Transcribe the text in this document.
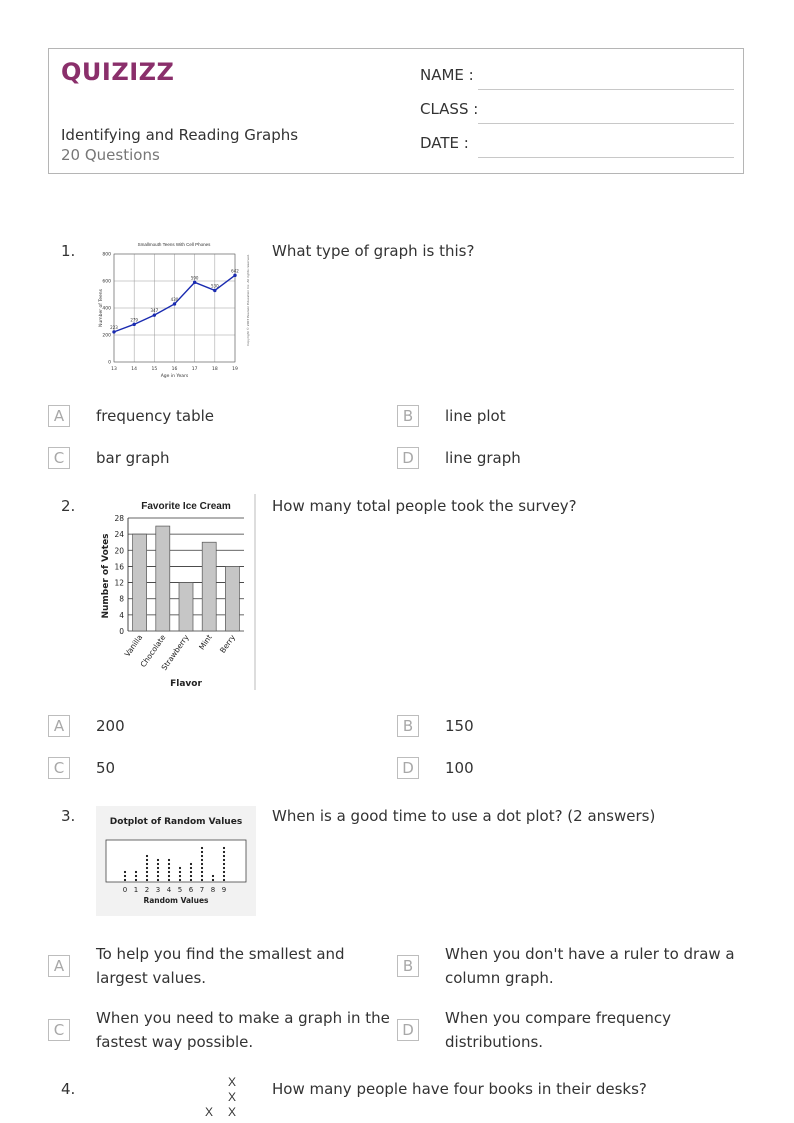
QUIZIZZ
Identifying and Reading Graphs
20 Questions
NAME :
CLASS :
DATE :
1.	What type of graph is this?
Smallmouth Teens With Cell Phones
13	14	15	16	17	18	19
0
200
400
600
800
223
279
347
430
590
530
642
Age in Years
Number of Teens	Copyright © 2007 Pearson Education Inc. All rights reserved.
A	frequency table	B	line plot
C	bar graph	D	line graph
2.	How many total people took the survey?
Favorite Ice Cream
0
4
8
12
16
20
24
28
Vanilla
Chocolate
Strawberry Mint Berry
Flavor
Number of Votes
A	200	B	150
C	50	D	100
3.	When is a good time to use a dot plot? (2 answers)
Dotplot of Random Values
0 1 2 3 4 5 6 7 8 9
Random Values
A
To help you find the smallest and largest values.
B
When you don't have a ruler to draw a column graph.
C
When you need to make a graph in the fastest way possible.
D
When you compare frequency distributions.
4.	How many people have four books in their desks?
X
X
X
X
